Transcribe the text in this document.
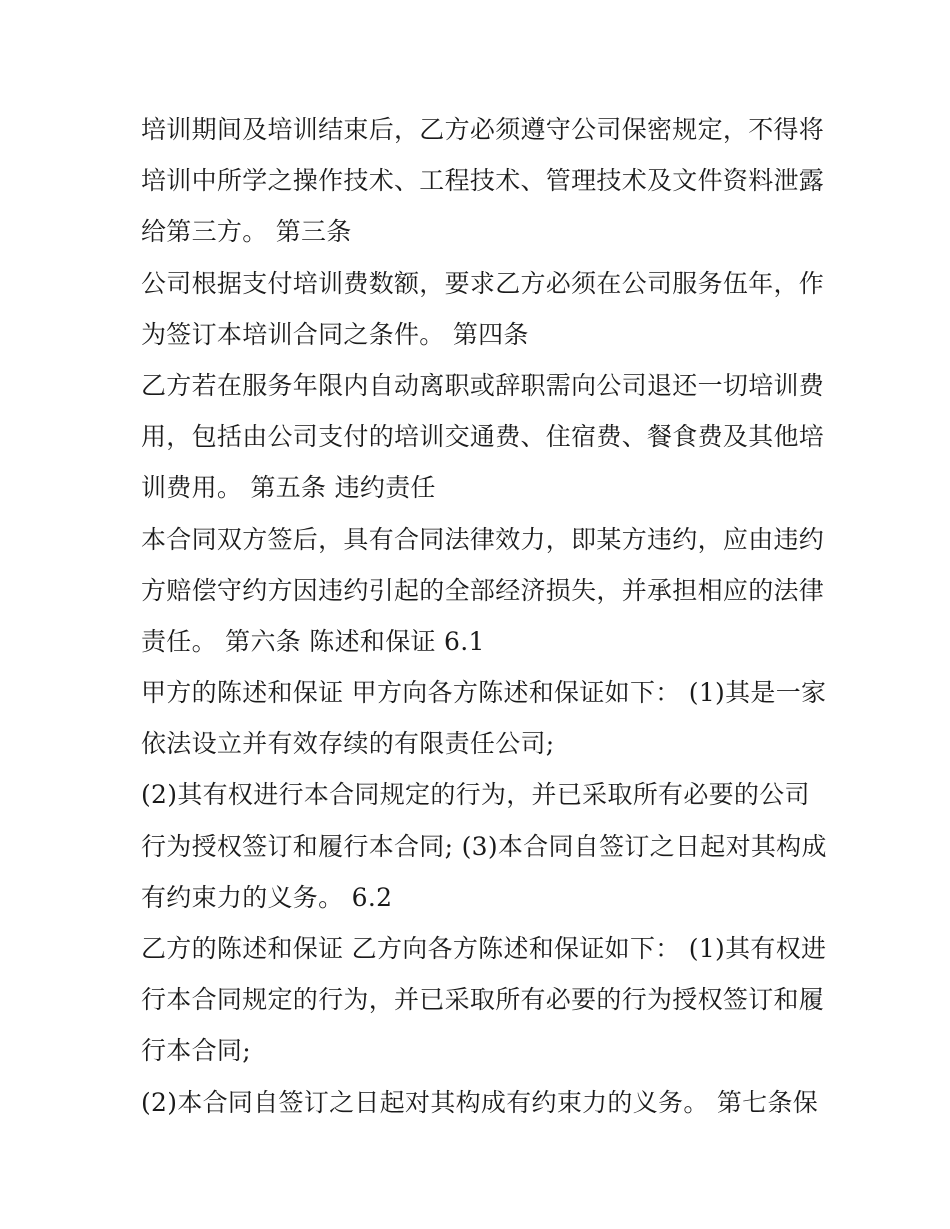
培训期间及培训结束后，乙方必须遵守公司保密规定，不得将
培训中所学之操作技术、工程技术、管理技术及文件资料泄露
给第三方。 第三条
公司根据支付培训费数额，要求乙方必须在公司服务伍年，作
为签订本培训合同之条件。 第四条
乙方若在服务年限内自动离职或辞职需向公司退还一切培训费
用，包括由公司支付的培训交通费、住宿费、餐食费及其他培
训费用。 第五条 违约责任
本合同双方签后，具有合同法律效力，即某方违约，应由违约
方赔偿守约方因违约引起的全部经济损失，并承担相应的法律
责任。 第六条 陈述和保证 6.1
甲方的陈述和保证 甲方向各方陈述和保证如下： (1)其是一家
依法设立并有效存续的有限责任公司;
(2)其有权进行本合同规定的行为，并已采取所有必要的公司
行为授权签订和履行本合同; (3)本合同自签订之日起对其构成
有约束力的义务。 6.2
乙方的陈述和保证 乙方向各方陈述和保证如下： (1)其有权进
行本合同规定的行为，并已采取所有必要的行为授权签订和履
行本合同;
(2)本合同自签订之日起对其构成有约束力的义务。 第七条保
